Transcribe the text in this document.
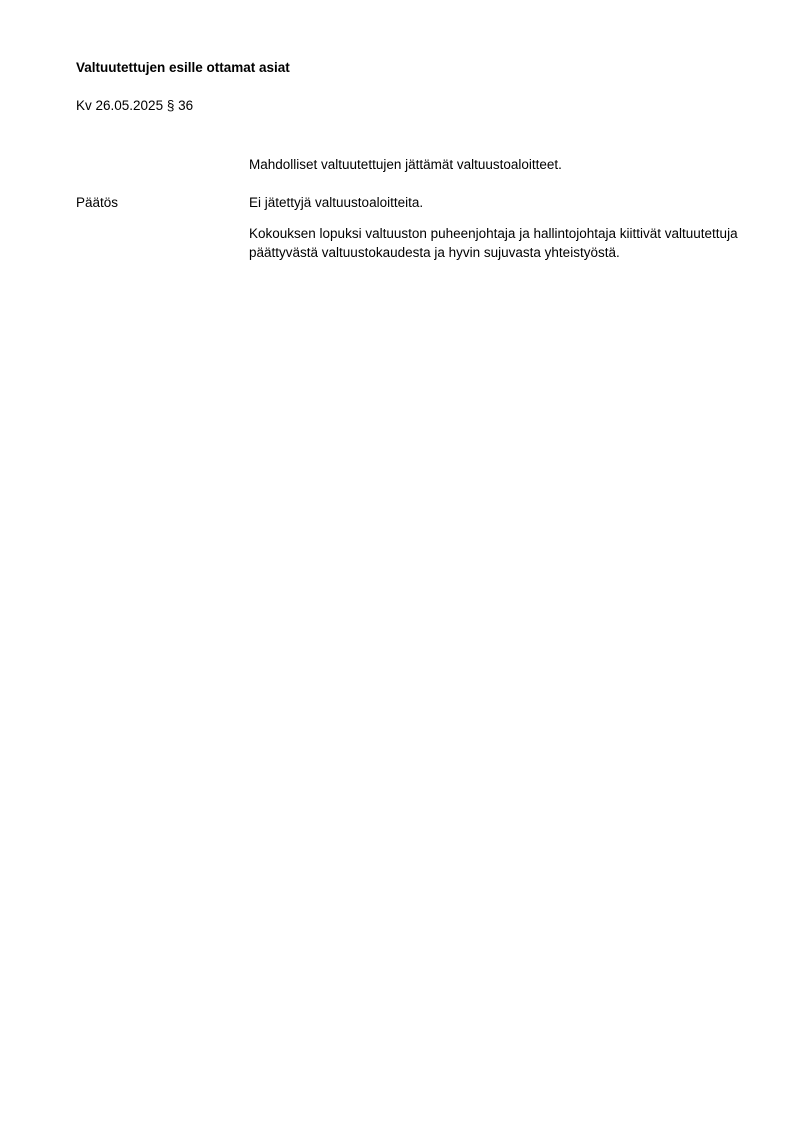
Valtuutettujen esille ottamat asiat

Kv 26.05.2025 § 36

Mahdolliset valtuutettujen jättämät valtuustoaloitteet.

Päätös	Ei jätettyjä valtuustoaloitteita.

Kokouksen lopuksi valtuuston puheenjohtaja ja hallintojohtaja kiittivät valtuutettuja päättyvästä valtuustokaudesta ja hyvin sujuvasta yhteistyöstä.
